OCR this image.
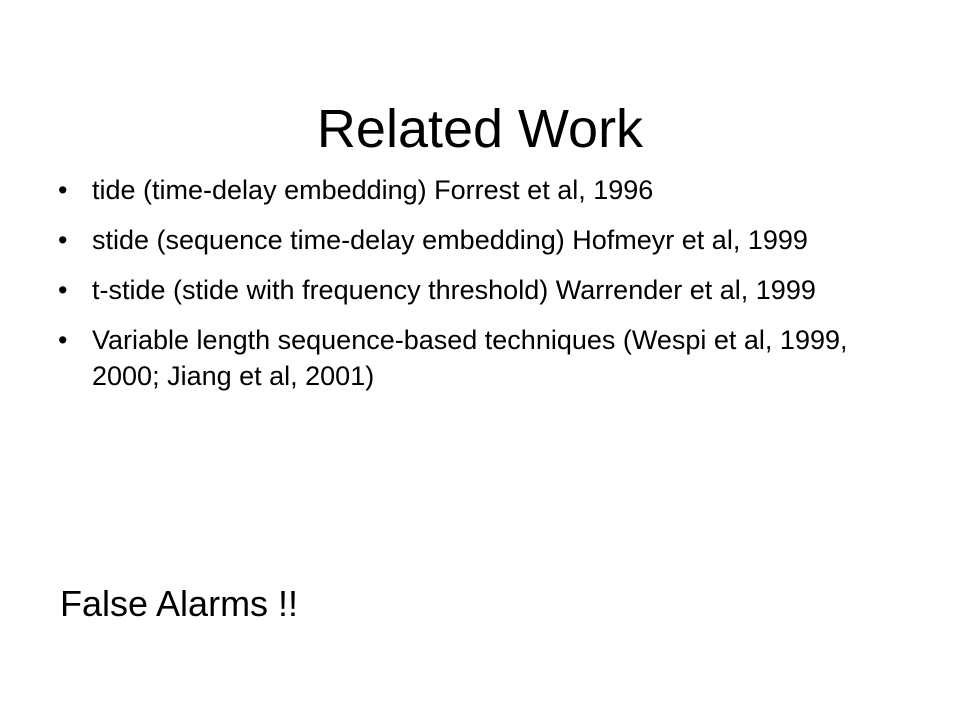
Related Work
• tide (time-delay embedding) Forrest et al, 1996
• stide (sequence time-delay embedding) Hofmeyr et al, 1999
• t-stide (stide with frequency threshold) Warrender et al, 1999
• Variable length sequence-based techniques (Wespi et al, 1999, 2000; Jiang et al, 2001)
False Alarms !!
